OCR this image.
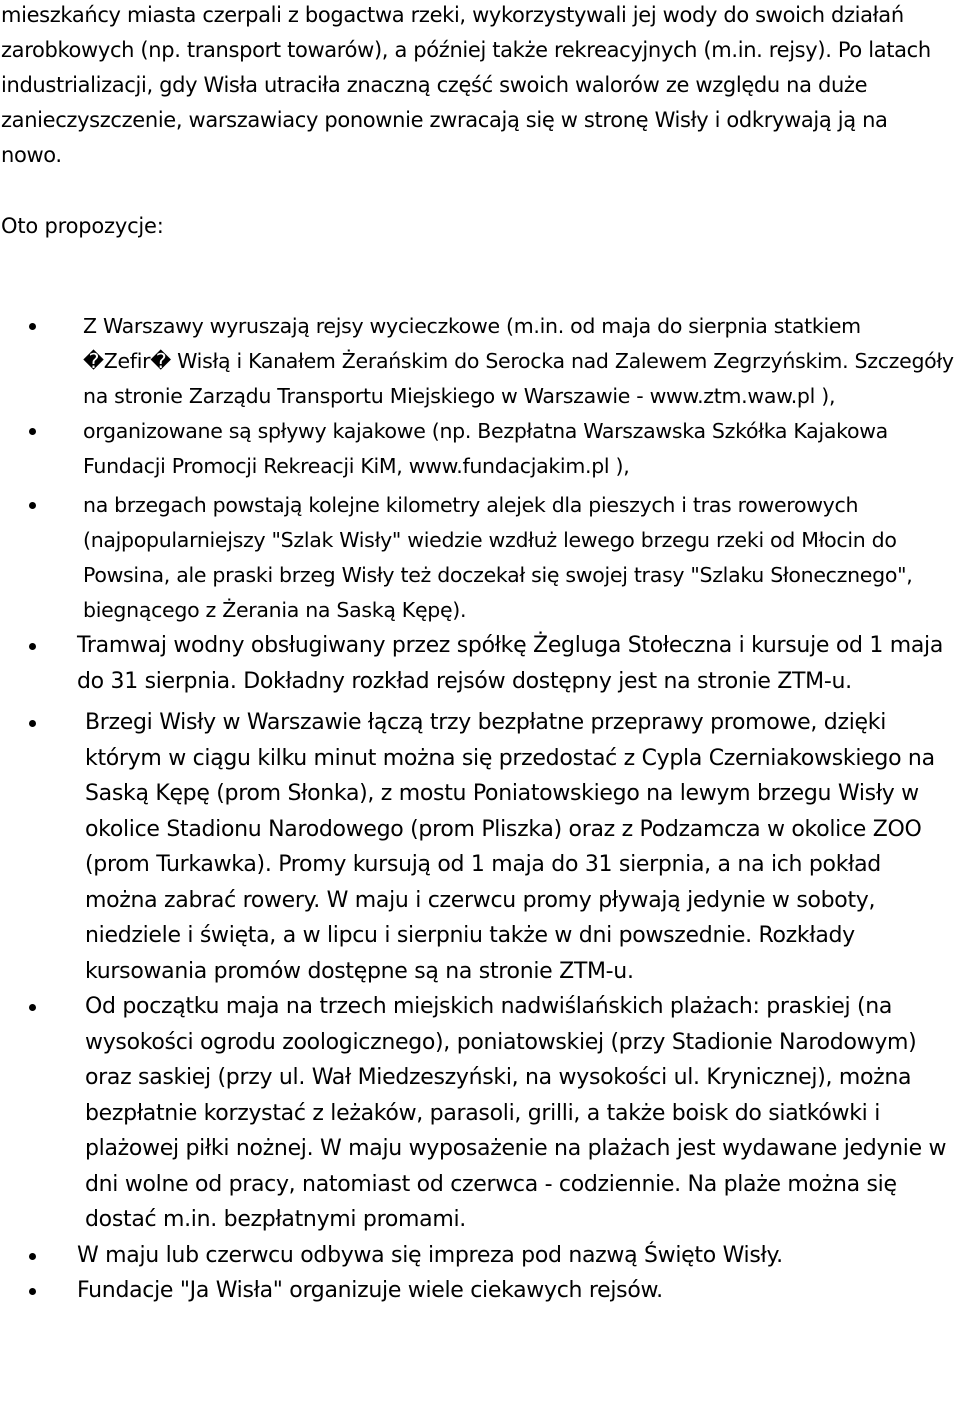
mieszkańcy miasta czerpali z bogactwa rzeki, wykorzystywali jej wody do swoich działań zarobkowych (np. transport towarów), a później także rekreacyjnych (m.in. rejsy). Po latach industrializacji, gdy Wisła utraciła znaczną część swoich walorów ze względu na duże zanieczyszczenie, warszawiacy ponownie zwracają się w stronę Wisły i odkrywają ją na nowo.

Oto propozycje:

Z Warszawy wyruszają rejsy wycieczkowe (m.in. od maja do sierpnia statkiem �Zefir� Wisłą i Kanałem Żerańskim do Serocka nad Zalewem Zegrzyńskim. Szczegóły na stronie Zarządu Transportu Miejskiego w Warszawie - www.ztm.waw.pl ),
organizowane są spływy kajakowe (np. Bezpłatna Warszawska Szkółka Kajakowa Fundacji Promocji Rekreacji KiM, www.fundacjakim.pl ),
na brzegach powstają kolejne kilometry alejek dla pieszych i tras rowerowych (najpopularniejszy "Szlak Wisły" wiedzie wzdłuż lewego brzegu rzeki od Młocin do Powsina, ale praski brzeg Wisły też doczekał się swojej trasy "Szlaku Słonecznego", biegnącego z Żerania na Saską Kępę).
Tramwaj wodny obsługiwany przez spółkę Żegluga Stołeczna i kursuje od 1 maja do 31 sierpnia. Dokładny rozkład rejsów dostępny jest na stronie ZTM-u.
Brzegi Wisły w Warszawie łączą trzy bezpłatne przeprawy promowe, dzięki którym w ciągu kilku minut można się przedostać z Cypla Czerniakowskiego na Saską Kępę (prom Słonka), z mostu Poniatowskiego na lewym brzegu Wisły w okolice Stadionu Narodowego (prom Pliszka) oraz z Podzamcza w okolice ZOO (prom Turkawka). Promy kursują od 1 maja do 31 sierpnia, a na ich pokład można zabrać rowery. W maju i czerwcu promy pływają jedynie w soboty, niedziele i święta, a w lipcu i sierpniu także w dni powszednie. Rozkłady kursowania promów dostępne są na stronie ZTM-u.
Od początku maja na trzech miejskich nadwiślańskich plażach: praskiej (na wysokości ogrodu zoologicznego), poniatowskiej (przy Stadionie Narodowym) oraz saskiej (przy ul. Wał Miedzeszyński, na wysokości ul. Krynicznej), można bezpłatnie korzystać z leżaków, parasoli, grilli, a także boisk do siatkówki i plażowej piłki nożnej. W maju wyposażenie na plażach jest wydawane jedynie w dni wolne od pracy, natomiast od czerwca - codziennie. Na plaże można się dostać m.in. bezpłatnymi promami.
W maju lub czerwcu odbywa się impreza pod nazwą Święto Wisły.
Fundacje "Ja Wisła" organizuje wiele ciekawych rejsów.
